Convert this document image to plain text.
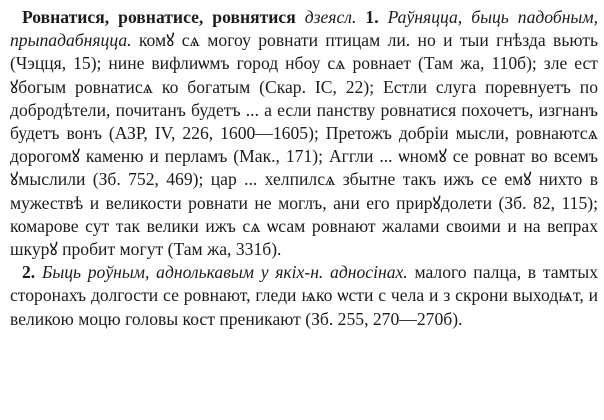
Ровнатися, ровнатисе, ровнятися дзеясл. 1. Раўняцца, быць падобным, прыпадабняцца. комꙋ сѧ могоу ровнати птицам ли. но и тыи гнѣзда вьють (Чэцця, 15); нине вифлиѡмъ город нбоу сѧ ровнает (Там жа, 110б); зле ест ꙋбогым ровнатисѧ ко богатым (Скар. ІС, 22); Естли слуга поревнуетъ по добродѣтели, почитанъ будетъ ... а если панству ровнатися похочетъ, изгнанъ будетъ вонъ (АЗР, IV, 226, 1600—1605); Претожъ добріи мысли, ровнаютсѧ дорогомꙋ каменю и перламъ (Мак., 171); Аггли ... ѡномꙋ се ровнат во всемъ ꙋмыслили (Зб. 752, 469); цар ... хелпилсѧ збытне такъ ижъ се емꙋ нихто в мужествѣ и великости ровнати не моглъ, ани его прирꙋдолети (Зб. 82, 115); комарове сут так велики ижъ сѧ ѡсам ровнают жалами своими и на вепрах шкурꙋ пробит могут (Там жа, 331б).

2. Быць роўным, аднолькавым у якіх-н. адносінах. малого палца, в тамтых сторонахъ долгости се ровнают, гледи ѩко ѡсти с чела и з скрони выходѩт, и великою моцю головы кост преникают (Зб. 255, 270—270б).
